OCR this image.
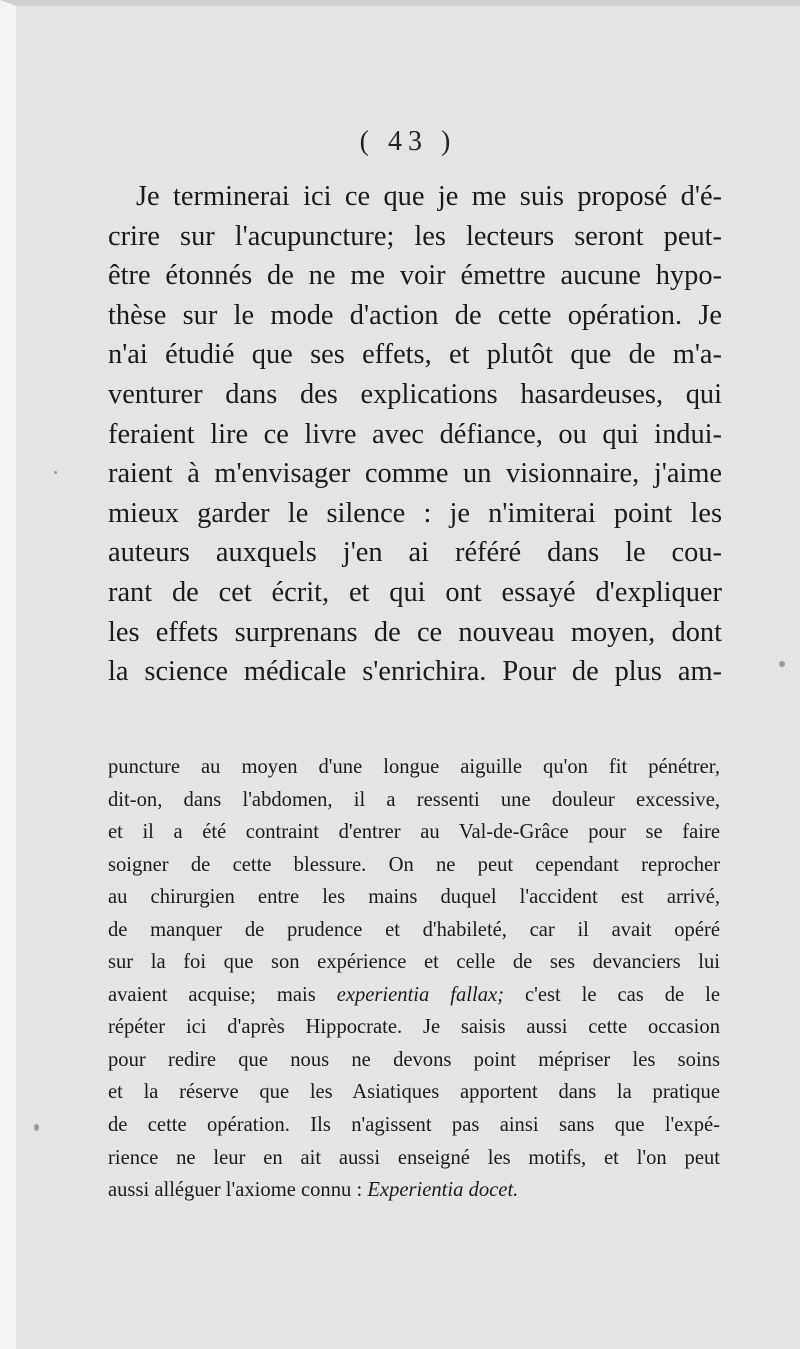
( 43 )
Je terminerai ici ce que je me suis proposé d'é-
crire sur l'acupuncture; les lecteurs seront peut-
être étonnés de ne me voir émettre aucune hypo-
thèse sur le mode d'action de cette opération. Je
n'ai étudié que ses effets, et plutôt que de m'a-
venturer dans des explications hasardeuses, qui
feraient lire ce livre avec défiance, ou qui indui-
raient à m'envisager comme un visionnaire, j'aime
mieux garder le silence : je n'imiterai point les
auteurs auxquels j'en ai référé dans le cou-
rant de cet écrit, et qui ont essayé d'expliquer
les effets surprenans de ce nouveau moyen, dont
la science médicale s'enrichira. Pour de plus am-
puncture au moyen d'une longue aiguille qu'on fit pénétrer,
dit-on, dans l'abdomen, il a ressenti une douleur excessive,
et il a été contraint d'entrer au Val-de-Grâce pour se faire
soigner de cette blessure. On ne peut cependant reprocher
au chirurgien entre les mains duquel l'accident est arrivé,
de manquer de prudence et d'habileté, car il avait opéré
sur la foi que son expérience et celle de ses devanciers lui
avaient acquise; mais experientia fallax; c'est le cas de le
répéter ici d'après Hippocrate. Je saisis aussi cette occasion
pour redire que nous ne devons point mépriser les soins
et la réserve que les Asiatiques apportent dans la pratique
de cette opération. Ils n'agissent pas ainsi sans que l'expé-
rience ne leur en ait aussi enseigné les motifs, et l'on peut
aussi alléguer l'axiome connu : Experientia docet.
